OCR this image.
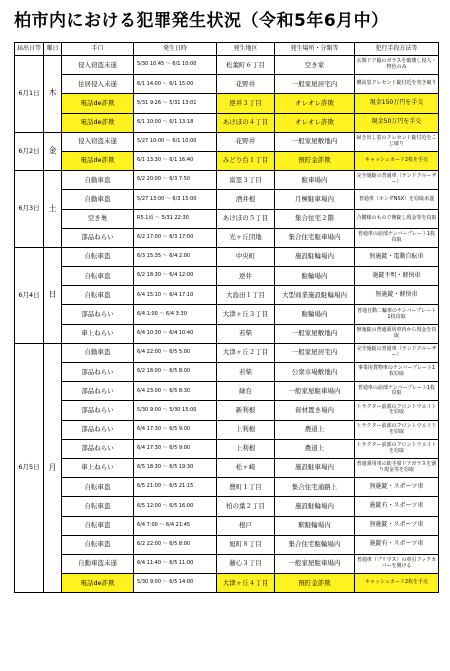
柏市内における犯罪発生状況（令和5年6月中）
届出日等	曜日	手口	発生日時	発生地区	発生場所・分類等	犯行手段方法等
6月1日	木	侵入窃盗未遂	5/30 10:45 ～ 6/1 10:00	松葉町６丁目	空き家	玄関ドア脇のガラスを破壊し侵入・物色のみ
		住居侵入未遂	6/1 14:00 ～ 6/1 15:00	花野井	一般家屋居宅内	腰高窓クレセント錠付近を突き破り
		電話de詐欺	5/31 9:26 ～ 5/31 13:01	逆井３丁目	オレオレ詐欺	現金150万円を手交
		電話de詐欺	6/1 10:00 ～ 6/1 13:18	あけぼの４丁目	オレオレ詐欺	現金50万円を手交
6月2日	金	侵入窃盗未遂	5/27 10:00 ～ 6/1 10:00	花野井	一般家屋敷地内	掃き出し窓のクレセント錠付近をこじ破り
		電話de詐欺	6/1 13:30 ～ 6/1 16:40	みどり台１丁目	預貯金詐欺	キャッシュカード2枚を手交
6月3日	土	自動車盗	6/2 20:00 ～ 6/3 7:50	富里３丁目	駐車場内	完全施錠の普通車（ランドクルーザー）
		自動車盗	5/27 13:00 ～ 6/3 15:00	酒井根	月極駐車場内	普通車（ホンダNSX）を窃取未遂
		空き巣	R5.1頃 ～ 5/31 22:30	あけぼの５丁目	集合住宅２階	合鍵様のもので開錠し現金等を窃取
		部品ねらい	6/2 17:00 ～ 6/3 17:00	光ヶ丘団地	集合住宅駐車場内	普通車の前部ナンバープレート1枚窃取
6月4日	日	自転車盗	6/3 15:35 ～ 6/4 2:00	中央町	施設駐輪場内	無施錠・電動自転車
		自転車盗	6/2 18:30 ～ 6/4 12:00	逆井	駐輪場内	施錠不明・軽快車
		自転車盗	6/4 15:10 ～ 6/4 17:10	大島田１丁目	大型商業施設駐輪場内	無施錠・軽快車
		部品ねらい	6/4 1:00 ～ 6/4 3:30	大津ヶ丘３丁目	駐輪場内	普通自動二輪車のナンバープレート1枚窃取
		車上ねらい	6/4 10:30 ～ 6/4 10:40	若柴	一般家屋敷地内	無施錠の普通乗用車内から現金を窃取
6月5日	月	自動車盗	6/4 22:00 ～ 6/5 5:00	大津ヶ丘２丁目	一般家屋居宅内	完全施錠の普通車（ランドクルーザー）
		部品ねらい	6/2 18:00 ～ 6/5 8:00	若柴	公衆市場敷地内	事業用貨物車のナンバープレート1枚窃取
		部品ねらい	6/4 23:00 ～ 6/5 8:30	緑台	一般家屋駐車場内	普通車の前部ナンバープレート1枚窃取
		部品ねらい	5/30 9:00 ～ 5/30 15:00	新利根	資材置き場内	トラクター前部のフロントウエイトを窃取
		部品ねらい	6/4 17:30 ～ 6/5 9:00	上利根	農道上	トラクター前部のフロントウエイトを窃取
		部品ねらい	6/4 17:30 ～ 6/5 9:00	上利根	農道上	トラクター前部のフロントウエイトを窃取
		車上ねらい	6/5 18:30 ～ 6/5 19:30	松ヶ崎	施設駐車場内	普通乗用車の助手席ドアガラスを割り現金等を窃取
		自転車盗	6/5 21:00 ～ 6/5 21:15	豊町１丁目	集合住宅通路上	無施錠・スポーツ車
		自転車盗	6/5 12:00 ～ 6/5 16:00	柏の葉２丁目	施設駐輪場内	施錠有・スポーツ車
		自転車盗	6/4 7:00 ～ 6/4 21:45	根戸	駅駐輪場内	無施錠・スポーツ車
		自転車盗	6/2 22:00 ～ 6/5 8:00	旭町８丁目	集合住宅駐輪場内	施錠有・スポーツ車
		自動車盗未遂	6/4 11:40 ～ 6/5 11:00	藤心３丁目	一般家屋駐車場内	普通車（プリウス）の車引フックカバーを開ける
		電話de詐欺	5/30 9:00 ～ 6/5 14:00	大津ヶ丘４丁目	預貯金詐欺	キャッシュカード2枚を手交
